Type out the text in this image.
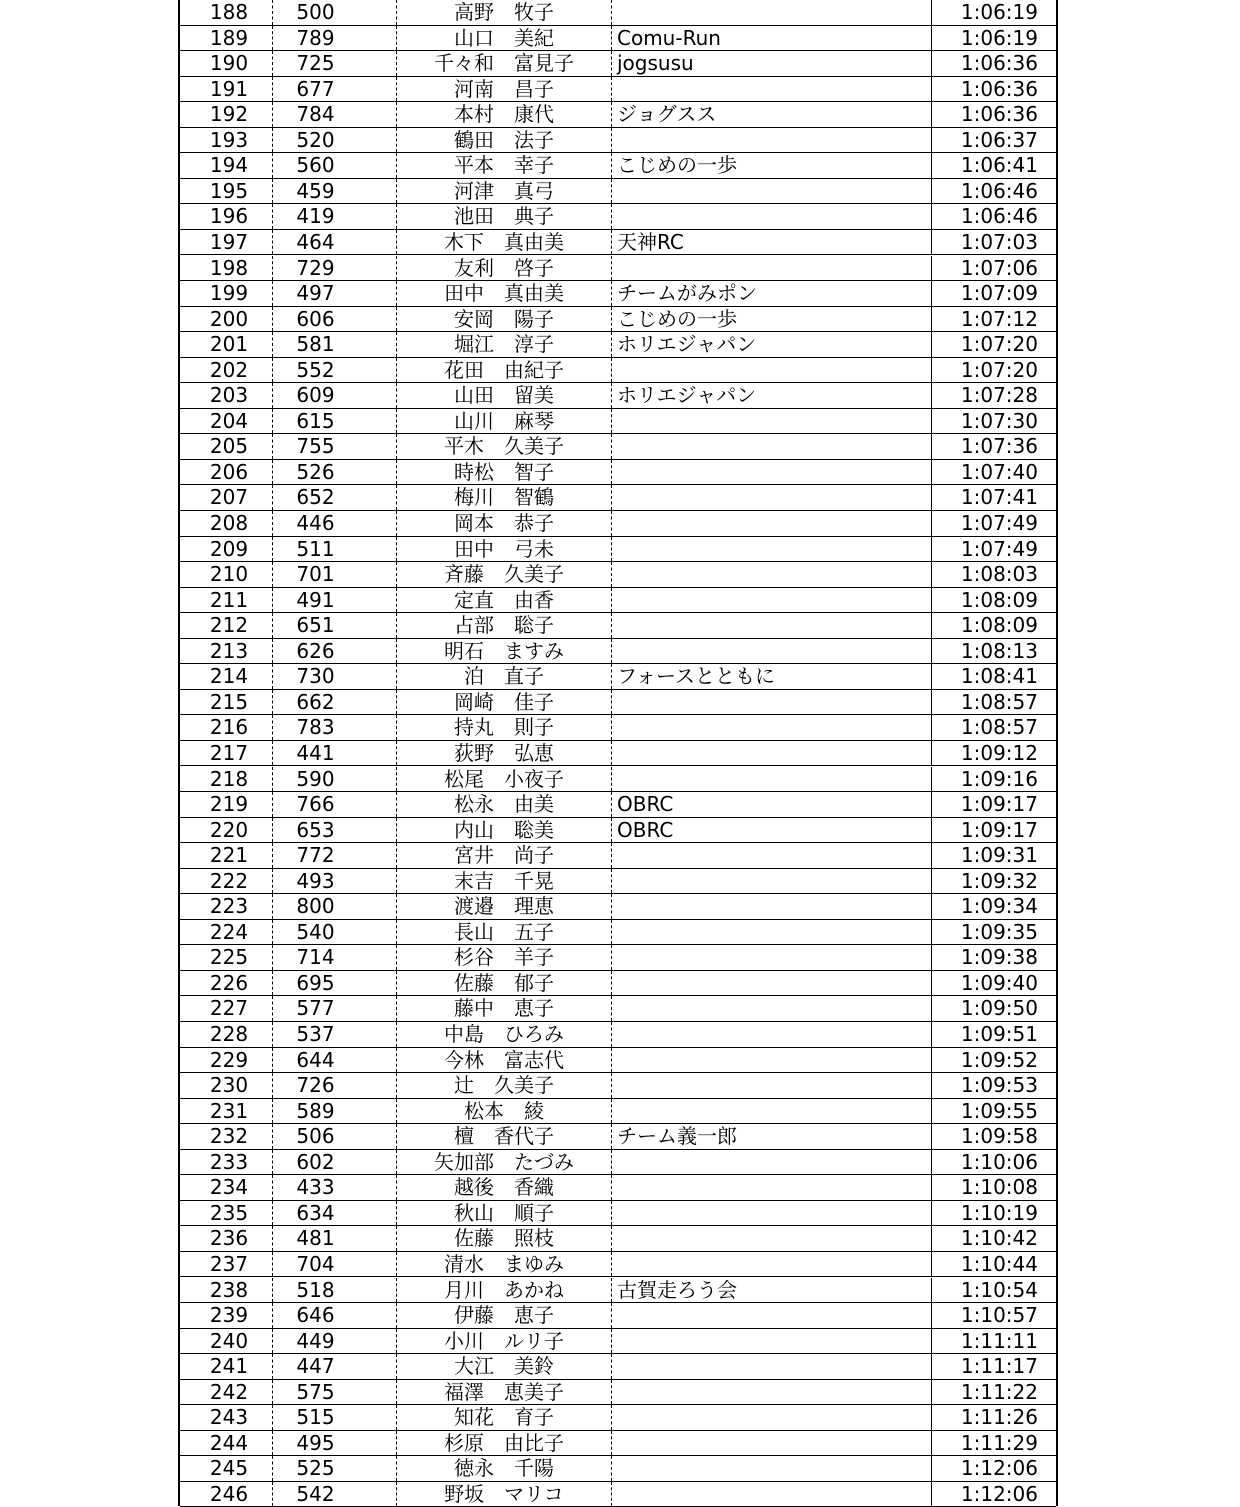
188	500	高野　牧子	1:06:19
189	789	山口　美紀	Comu-Run	1:06:19
190	725	千々和　富見子	jogsusu	1:06:36
191	677	河南　昌子	1:06:36
192	784	本村　康代	ジョグスス	1:06:36
193	520	鶴田　法子	1:06:37
194	560	平本　幸子	こじめの一歩	1:06:41
195	459	河津　真弓	1:06:46
196	419	池田　典子	1:06:46
197	464	木下　真由美	天神RC	1:07:03
198	729	友利　啓子	1:07:06
199	497	田中　真由美	チームがみポン	1:07:09
200	606	安岡　陽子	こじめの一歩	1:07:12
201	581	堀江　淳子	ホリエジャパン	1:07:20
202	552	花田　由紀子	1:07:20
203	609	山田　留美	ホリエジャパン	1:07:28
204	615	山川　麻琴	1:07:30
205	755	平木　久美子	1:07:36
206	526	時松　智子	1:07:40
207	652	梅川　智鶴	1:07:41
208	446	岡本　恭子	1:07:49
209	511	田中　弓未	1:07:49
210	701	斉藤　久美子	1:08:03
211	491	定直　由香	1:08:09
212	651	占部　聡子	1:08:09
213	626	明石　ますみ	1:08:13
214	730	泊　直子	フォースとともに	1:08:41
215	662	岡崎　佳子	1:08:57
216	783	持丸　則子	1:08:57
217	441	荻野　弘恵	1:09:12
218	590	松尾　小夜子	1:09:16
219	766	松永　由美	OBRC	1:09:17
220	653	内山　聡美	OBRC	1:09:17
221	772	宮井　尚子	1:09:31
222	493	末吉　千晃	1:09:32
223	800	渡邉　理恵	1:09:34
224	540	長山　五子	1:09:35
225	714	杉谷　羊子	1:09:38
226	695	佐藤　郁子	1:09:40
227	577	藤中　恵子	1:09:50
228	537	中島　ひろみ	1:09:51
229	644	今林　富志代	1:09:52
230	726	辻　久美子	1:09:53
231	589	松本　綾	1:09:55
232	506	檀　香代子	チーム義一郎	1:09:58
233	602	矢加部　たづみ	1:10:06
234	433	越後　香織	1:10:08
235	634	秋山　順子	1:10:19
236	481	佐藤　照枝	1:10:42
237	704	清水　まゆみ	1:10:44
238	518	月川　あかね	古賀走ろう会	1:10:54
239	646	伊藤　恵子	1:10:57
240	449	小川　ルリ子	1:11:11
241	447	大江　美鈴	1:11:17
242	575	福澤　恵美子	1:11:22
243	515	知花　育子	1:11:26
244	495	杉原　由比子	1:11:29
245	525	徳永　千陽	1:12:06
246	542	野坂　マリコ	1:12:06
